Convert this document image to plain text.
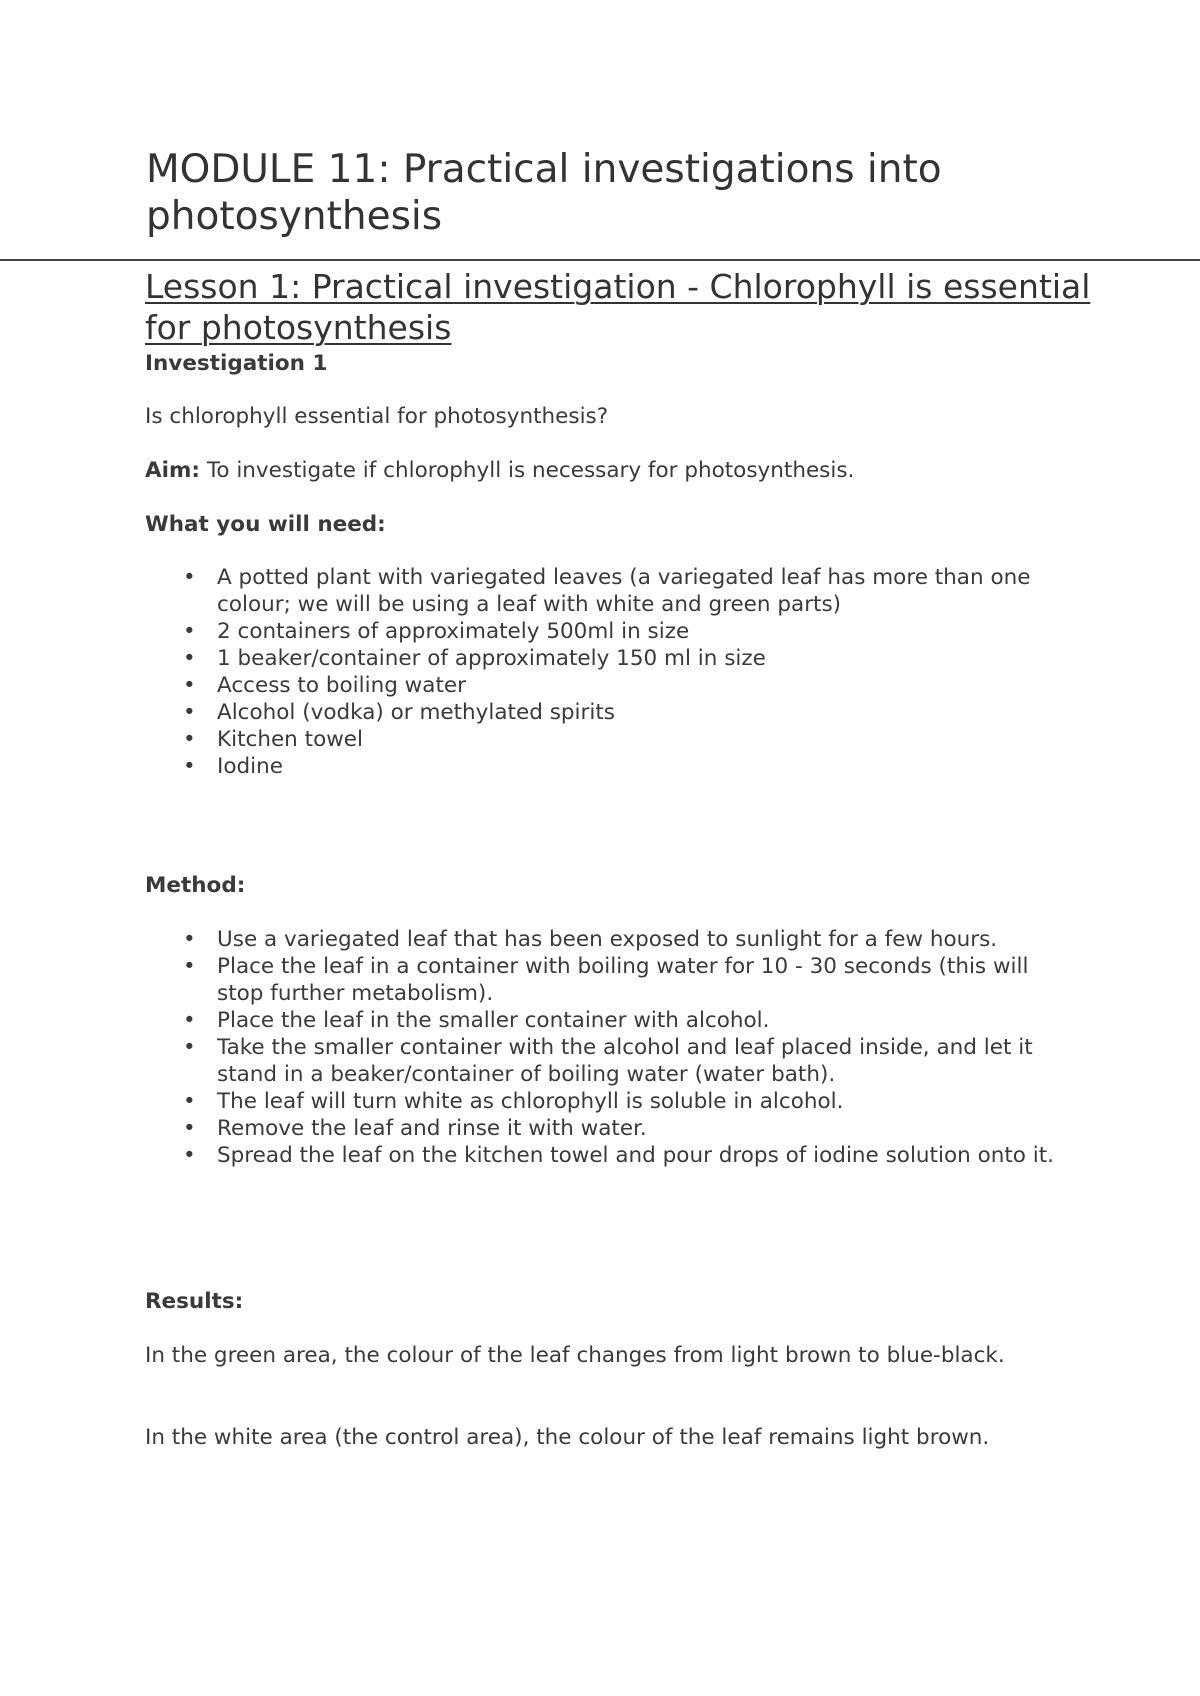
MODULE 11: Practical investigations into photosynthesis
Lesson 1: Practical investigation - Chlorophyll is essential for photosynthesis

Investigation 1

Is chlorophyll essential for photosynthesis?

Aim: To investigate if chlorophyll is necessary for photosynthesis.

What you will need:

• A potted plant with variegated leaves (a variegated leaf has more than one colour; we will be using a leaf with white and green parts)
• 2 containers of approximately 500ml in size
• 1 beaker/container of approximately 150 ml in size
• Access to boiling water
• Alcohol (vodka) or methylated spirits
• Kitchen towel
• Iodine

Method:

• Use a variegated leaf that has been exposed to sunlight for a few hours.
• Place the leaf in a container with boiling water for 10 - 30 seconds (this will stop further metabolism).
• Place the leaf in the smaller container with alcohol.
• Take the smaller container with the alcohol and leaf placed inside, and let it stand in a beaker/container of boiling water (water bath).
• The leaf will turn white as chlorophyll is soluble in alcohol.
• Remove the leaf and rinse it with water.
• Spread the leaf on the kitchen towel and pour drops of iodine solution onto it.

Results:

In the green area, the colour of the leaf changes from light brown to blue-black.

In the white area (the control area), the colour of the leaf remains light brown.
